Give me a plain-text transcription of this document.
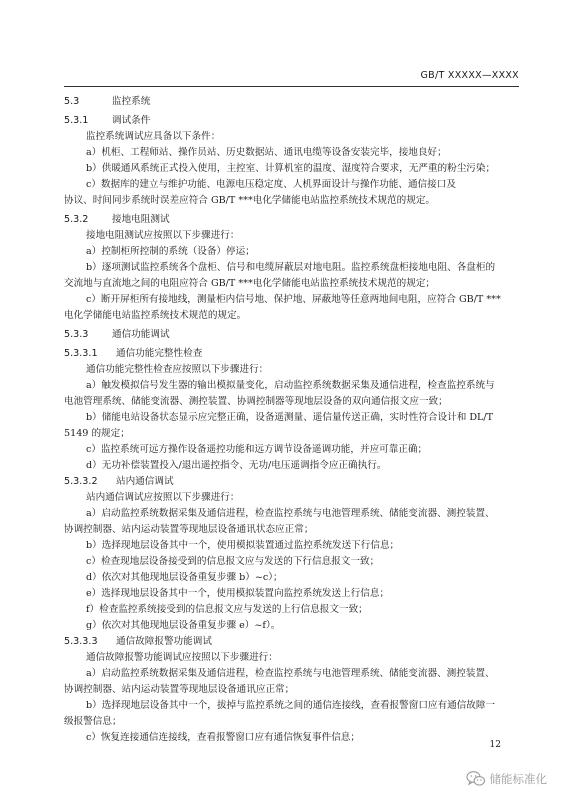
GB/T XXXXX—XXXX
5.3	监控系统
5.3.1 调试条件

监控系统调试应具备以下条件：

a）机柜、工程师站、操作员站、历史数据站、通讯电缆等设备安装完毕，接地良好；

b）供暖通风系统正式投入使用，主控室、计算机室的温度、湿度符合要求，无严重的粉尘污染；

c）数据库的建立与维护功能、电源电压稳定度、人机界面设计与操作功能、通信接口及

协议、时间同步系统时误差应符合 GB/T ***电化学储能电站监控系统技术规范的规定。

5.3.2 接地电阻测试

接地电阻测试应按照以下步骤进行：

a）控制柜所控制的系统（设备）停运；

b）逐项测试监控系统各个盘柜、信号和电缆屏蔽层对地电阻。监控系统盘柜接地电阻、各盘柜的

交流地与直流地之间的电阻应符合 GB/T ***电化学储能电站监控系统技术规范的规定；

c）断开屏柜所有接地线，测量柜内信号地、保护地、屏蔽地等任意两地间电阻，应符合 GB/T ***

电化学储能电站监控系统技术规范的规定。

5.3.3 通信功能调试
5.3.3.1 通信功能完整性检查

通信功能完整性检查应按照以下步骤进行：

a）触发模拟信号发生器的输出模拟量变化，启动监控系统数据采集及通信进程，检查监控系统与

电池管理系统、储能变流器、测控装置、协调控制器等现地层设备的双向通信报文应一致；

b）储能电站设备状态显示应完整正确，设备遥测量、遥信量传送正确，实时性符合设计和 DL/T

5149 的规定；

c）监控系统可远方操作设备遥控功能和远方调节设备遥调功能，并应可靠正确；

d）无功补偿装置投入/退出遥控指令、无功/电压遥调指令应正确执行。

5.3.3.2 站内通信调试

站内通信调试应按照以下步骤进行：

a）启动监控系统数据采集及通信进程，检查监控系统与电池管理系统、储能变流器、测控装置、

协调控制器、站内运动装置等现地层设备通讯状态应正常；

b）选择现地层设备其中一个，使用模拟装置通过监控系统发送下行信息；

c）检查现地层设备接受到的信息报文应与发送的下行信息报文一致；

d）依次对其他现地层设备重复步骤 b）~c）；

e）选择现地层设备其中一个，使用模拟装置向监控系统发送上行信息；

f）检查监控系统接受到的信息报文应与发送的上行信息报文一致；

g）依次对其他现地层设备重复步骤 e）~f）。

5.3.3.3 通信故障报警功能调试

通信故障报警功能调试应按照以下步骤进行：

a）启动监控系统数据采集及通信进程，检查监控系统与电池管理系统、储能变流器、测控装置、

协调控制器、站内运动装置等现地层设备通讯应正常；

b）选择现地层设备其中一个，拔掉与监控系统之间的通信连接线，查看报警窗口应有通信故障一

级报警信息；

c）恢复连接通信连接线，查看报警窗口应有通信恢复事件信息；

12
储能标准化
